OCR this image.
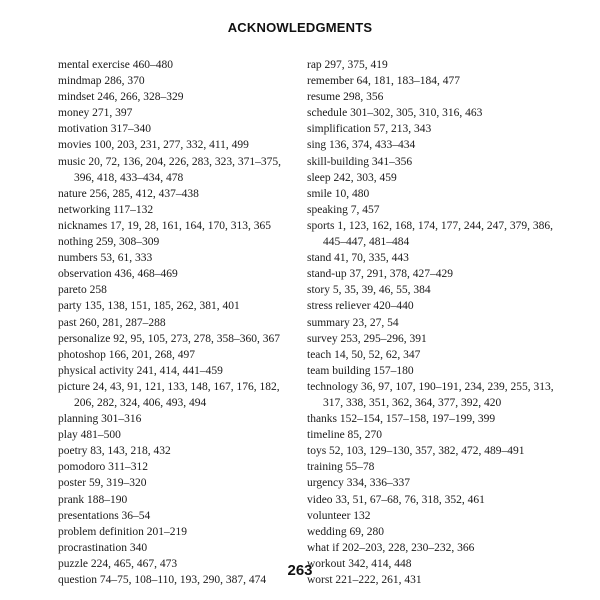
ACKNOWLEDGMENTS
mental exercise 460–480
mindmap 286, 370
mindset 246, 266, 328–329
money 271, 397
motivation 317–340
movies 100, 203, 231, 277, 332, 411, 499
music 20, 72, 136, 204, 226, 283, 323, 371–375, 396, 418, 433–434, 478
nature 256, 285, 412, 437–438
networking 117–132
nicknames 17, 19, 28, 161, 164, 170, 313, 365
nothing 259, 308–309
numbers 53, 61, 333
observation 436, 468–469
pareto 258
party 135, 138, 151, 185, 262, 381, 401
past 260, 281, 287–288
personalize 92, 95, 105, 273, 278, 358–360, 367
photoshop 166, 201, 268, 497
physical activity 241, 414, 441–459
picture 24, 43, 91, 121, 133, 148, 167, 176, 182, 206, 282, 324, 406, 493, 494
planning 301–316
play 481–500
poetry 83, 143, 218, 432
pomodoro 311–312
poster 59, 319–320
prank 188–190
presentations 36–54
problem definition 201–219
procrastination 340
puzzle 224, 465, 467, 473
question 74–75, 108–110, 193, 290, 387, 474
rap 297, 375, 419
remember 64, 181, 183–184, 477
resume 298, 356
schedule 301–302, 305, 310, 316, 463
simplification 57, 213, 343
sing 136, 374, 433–434
skill-building 341–356
sleep 242, 303, 459
smile 10, 480
speaking 7, 457
sports 1, 123, 162, 168, 174, 177, 244, 247, 379, 386, 445–447, 481–484
stand 41, 70, 335, 443
stand-up 37, 291, 378, 427–429
story 5, 35, 39, 46, 55, 384
stress reliever 420–440
summary 23, 27, 54
survey 253, 295–296, 391
teach 14, 50, 52, 62, 347
team building 157–180
technology 36, 97, 107, 190–191, 234, 239, 255, 313, 317, 338, 351, 362, 364, 377, 392, 420
thanks 152–154, 157–158, 197–199, 399
timeline 85, 270
toys 52, 103, 129–130, 357, 382, 472, 489–491
training 55–78
urgency 334, 336–337
video 33, 51, 67–68, 76, 318, 352, 461
volunteer 132
wedding 69, 280
what if 202–203, 228, 230–232, 366
workout 342, 414, 448
worst 221–222, 261, 431
263
